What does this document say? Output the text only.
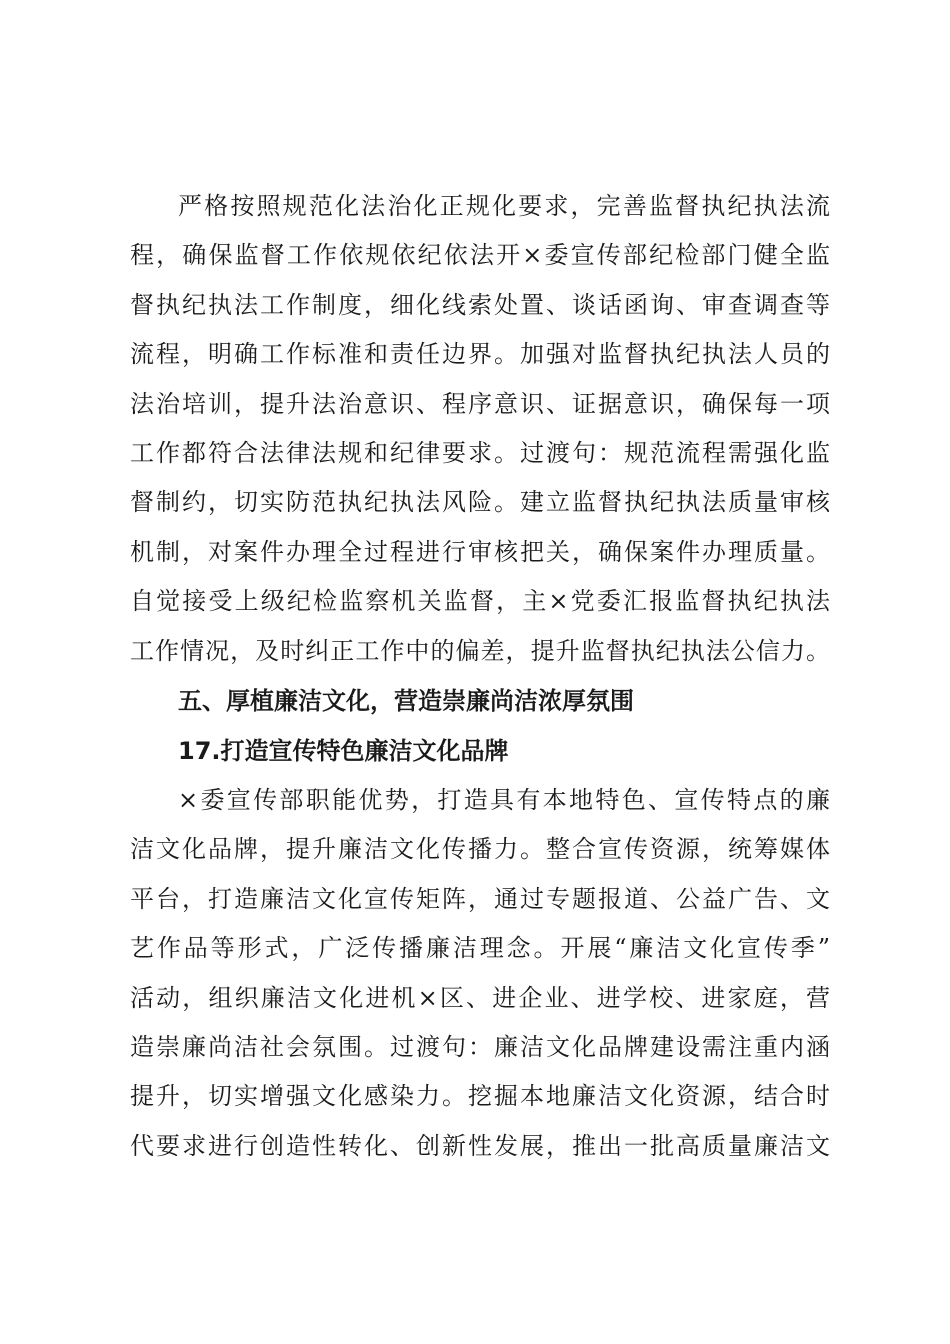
严格按照规范化法治化正规化要求，完善监督执纪执法流
程，确保监督工作依规依纪依法开×委宣传部纪检部门健全监
督执纪执法工作制度，细化线索处置、谈话函询、审查调查等
流程，明确工作标准和责任边界。加强对监督执纪执法人员的
法治培训，提升法治意识、程序意识、证据意识，确保每一项
工作都符合法律法规和纪律要求。过渡句：规范流程需强化监
督制约，切实防范执纪执法风险。建立监督执纪执法质量审核
机制，对案件办理全过程进行审核把关，确保案件办理质量。
自觉接受上级纪检监察机关监督，主×党委汇报监督执纪执法
工作情况，及时纠正工作中的偏差，提升监督执纪执法公信力。
五、厚植廉洁文化，营造崇廉尚洁浓厚氛围
17.打造宣传特色廉洁文化品牌
×委宣传部职能优势，打造具有本地特色、宣传特点的廉
洁文化品牌，提升廉洁文化传播力。整合宣传资源，统筹媒体
平台，打造廉洁文化宣传矩阵，通过专题报道、公益广告、文
艺作品等形式，广泛传播廉洁理念。开展“廉洁文化宣传季”
活动，组织廉洁文化进机×区、进企业、进学校、进家庭，营
造崇廉尚洁社会氛围。过渡句：廉洁文化品牌建设需注重内涵
提升，切实增强文化感染力。挖掘本地廉洁文化资源，结合时
代要求进行创造性转化、创新性发展，推出一批高质量廉洁文
